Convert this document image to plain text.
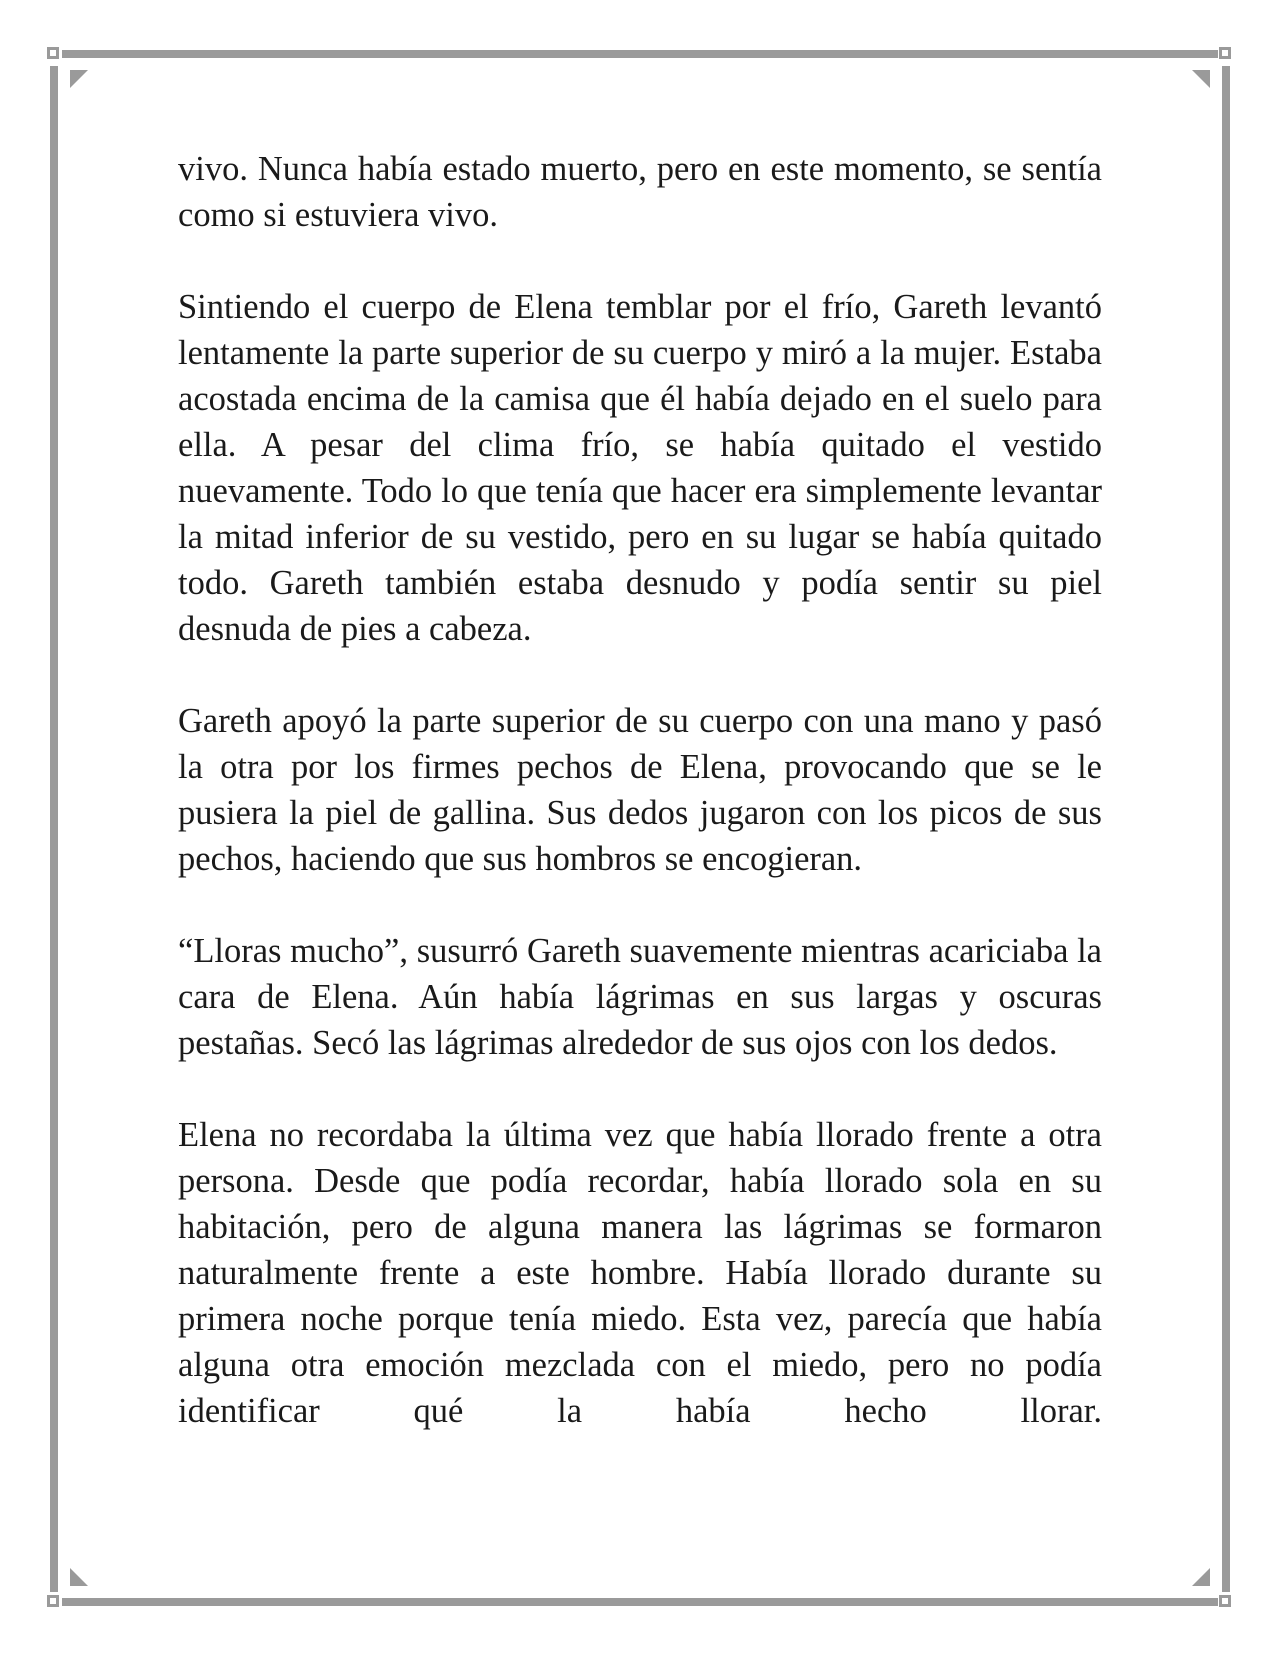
vivo. Nunca había estado muerto, pero en este momento, se sentía como si estuviera vivo.

Sintiendo el cuerpo de Elena temblar por el frío, Gareth levantó lentamente la parte superior de su cuerpo y miró a la mujer. Estaba acostada encima de la camisa que él había dejado en el suelo para ella. A pesar del clima frío, se había quitado el vestido nuevamente. Todo lo que tenía que hacer era simplemente levantar la mitad inferior de su vestido, pero en su lugar se había quitado todo. Gareth también estaba desnudo y podía sentir su piel desnuda de pies a cabeza.

Gareth apoyó la parte superior de su cuerpo con una mano y pasó la otra por los firmes pechos de Elena, provocando que se le pusiera la piel de gallina. Sus dedos jugaron con los picos de sus pechos, haciendo que sus hombros se encogieran.

“Lloras mucho”, susurró Gareth suavemente mientras acariciaba la cara de Elena. Aún había lágrimas en sus largas y oscuras pestañas. Secó las lágrimas alrededor de sus ojos con los dedos.

Elena no recordaba la última vez que había llorado frente a otra persona. Desde que podía recordar, había llorado sola en su habitación, pero de alguna manera las lágrimas se formaron naturalmente frente a este hombre. Había llorado durante su primera noche porque tenía miedo. Esta vez, parecía que había alguna otra emoción mezclada con el miedo, pero no podía identificar qué la había hecho llorar.
